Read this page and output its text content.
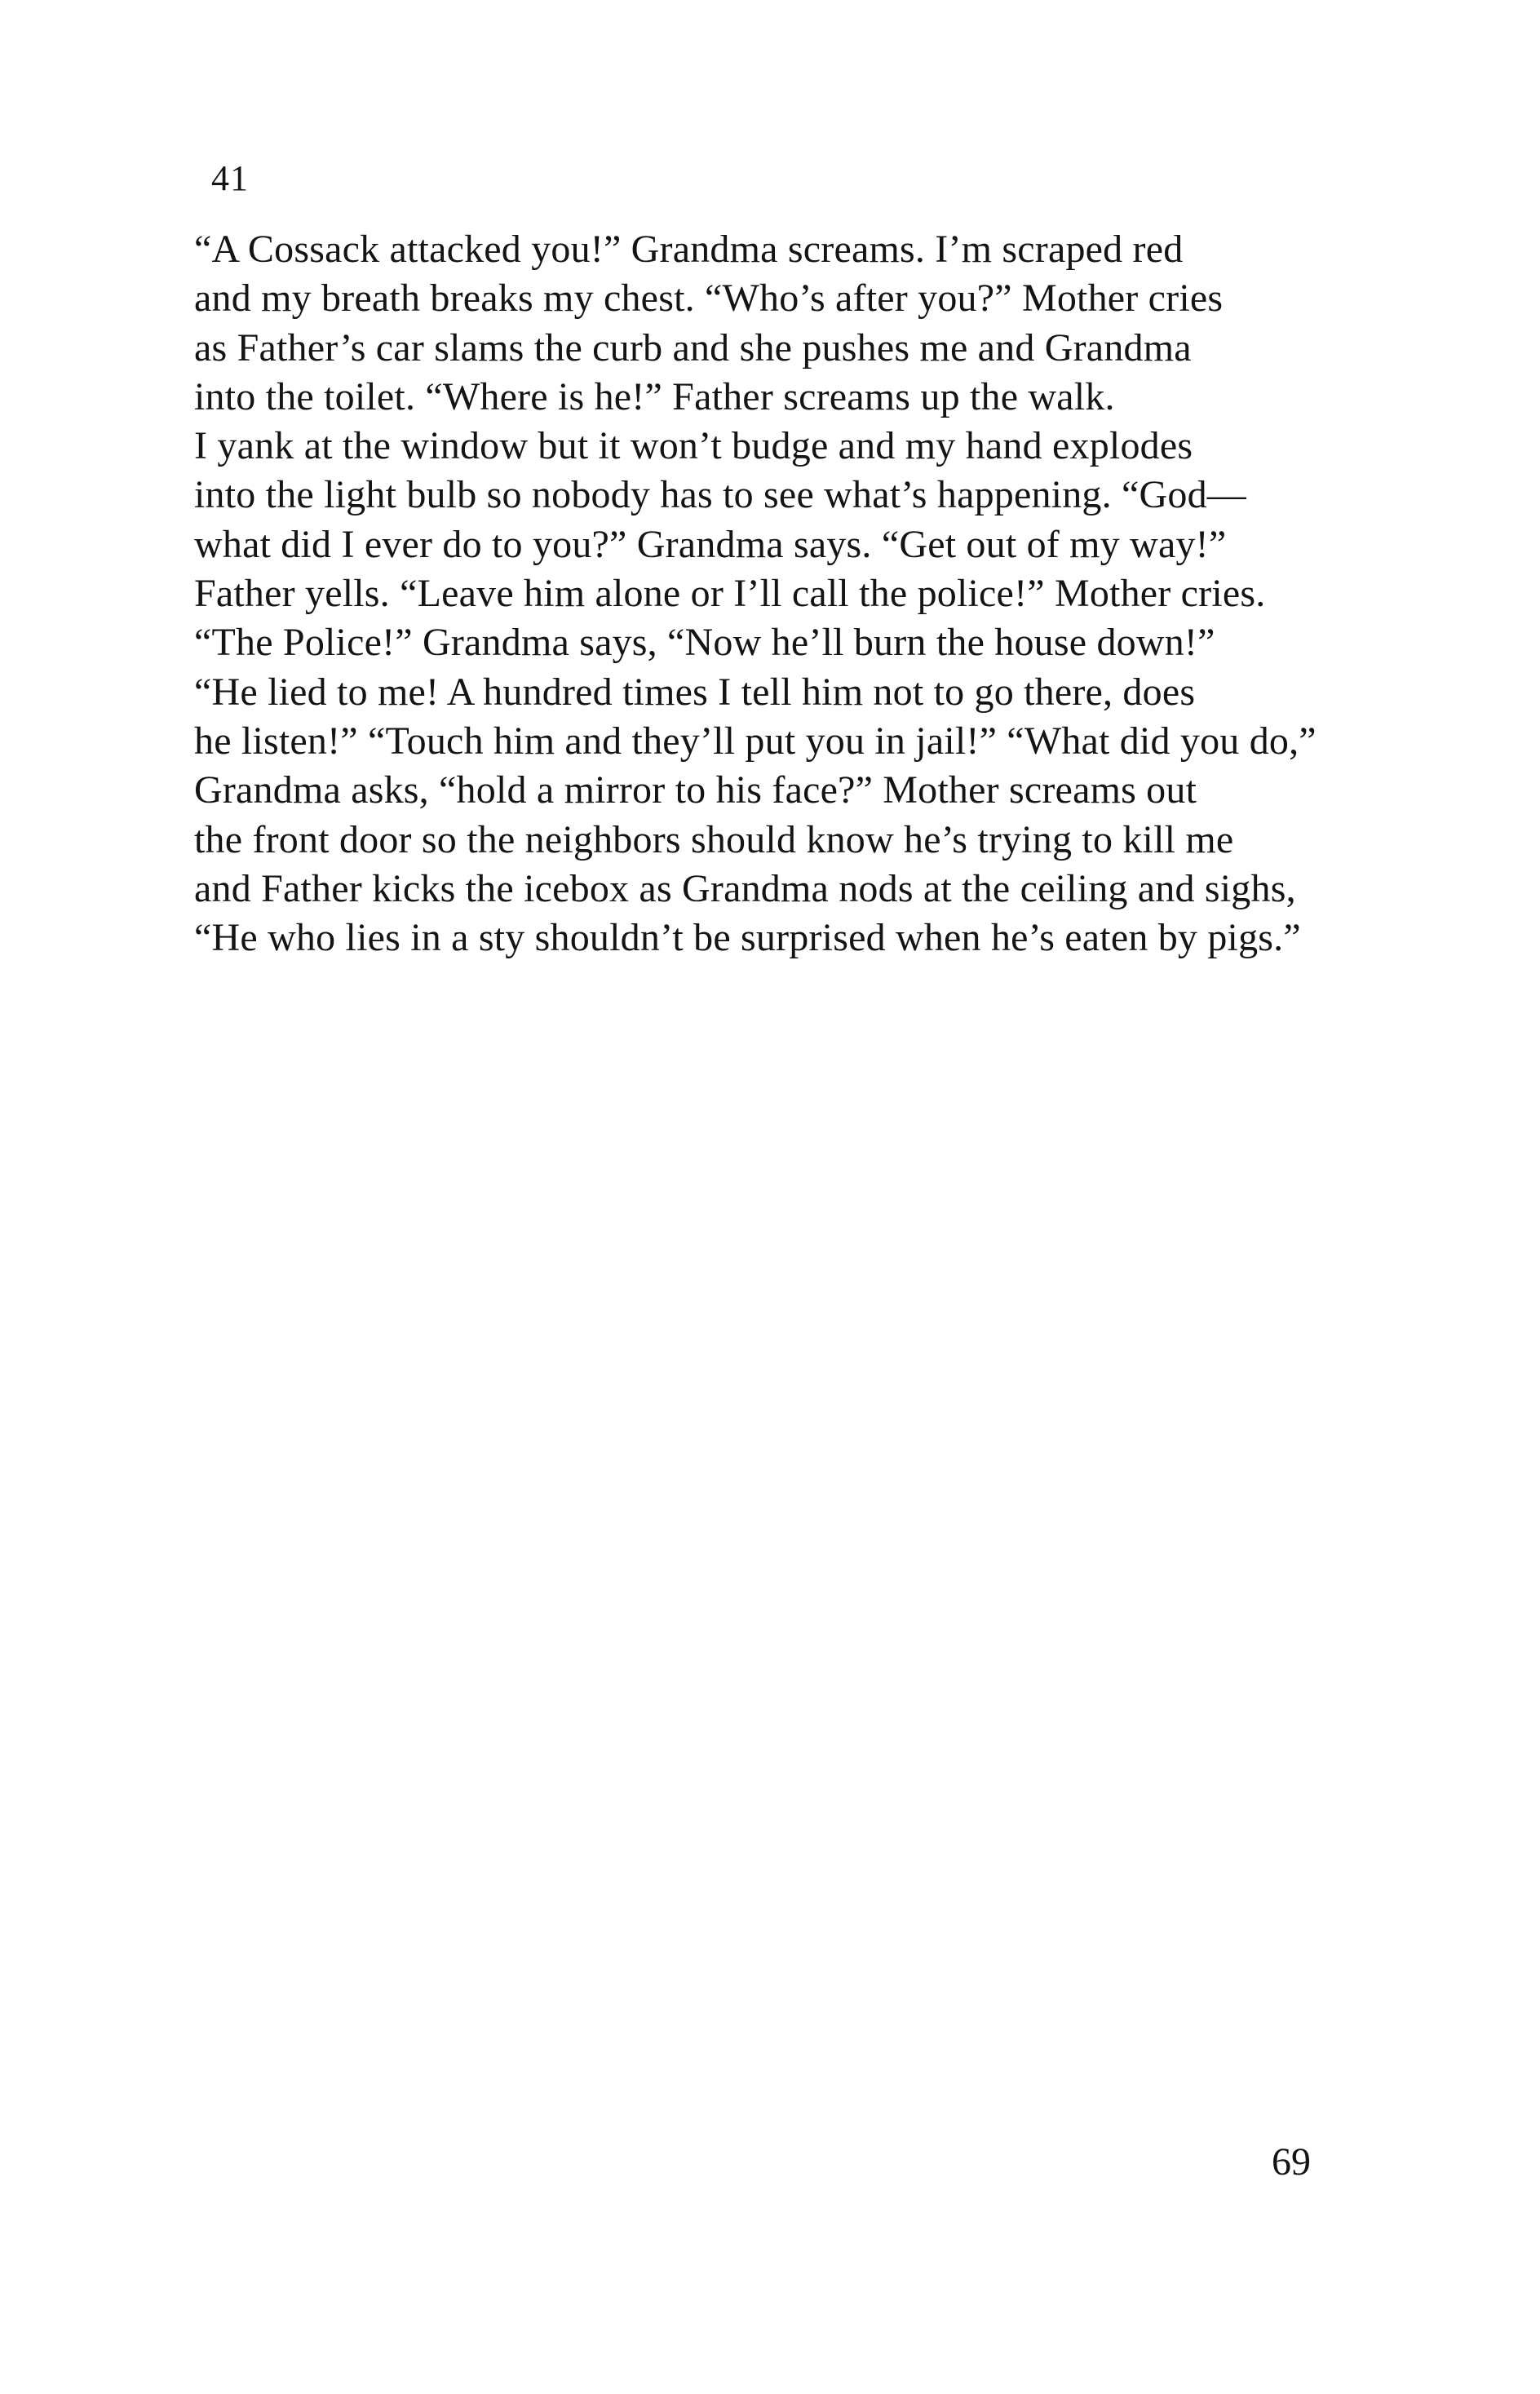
41
“A Cossack attacked you!” Grandma screams. I’m scraped red
and my breath breaks my chest. “Who’s after you?” Mother cries
as Father’s car slams the curb and she pushes me and Grandma
into the toilet. “Where is he!” Father screams up the walk.
I yank at the window but it won’t budge and my hand explodes
into the light bulb so nobody has to see what’s happening. “God—
what did I ever do to you?” Grandma says. “Get out of my way!”
Father yells. “Leave him alone or I’ll call the police!” Mother cries.
“The Police!” Grandma says, “Now he’ll burn the house down!”
“He lied to me! A hundred times I tell him not to go there, does
he listen!” “Touch him and they’ll put you in jail!” “What did you do,”
Grandma asks, “hold a mirror to his face?” Mother screams out
the front door so the neighbors should know he’s trying to kill me
and Father kicks the icebox as Grandma nods at the ceiling and sighs,
“He who lies in a sty shouldn’t be surprised when he’s eaten by pigs.”
69
